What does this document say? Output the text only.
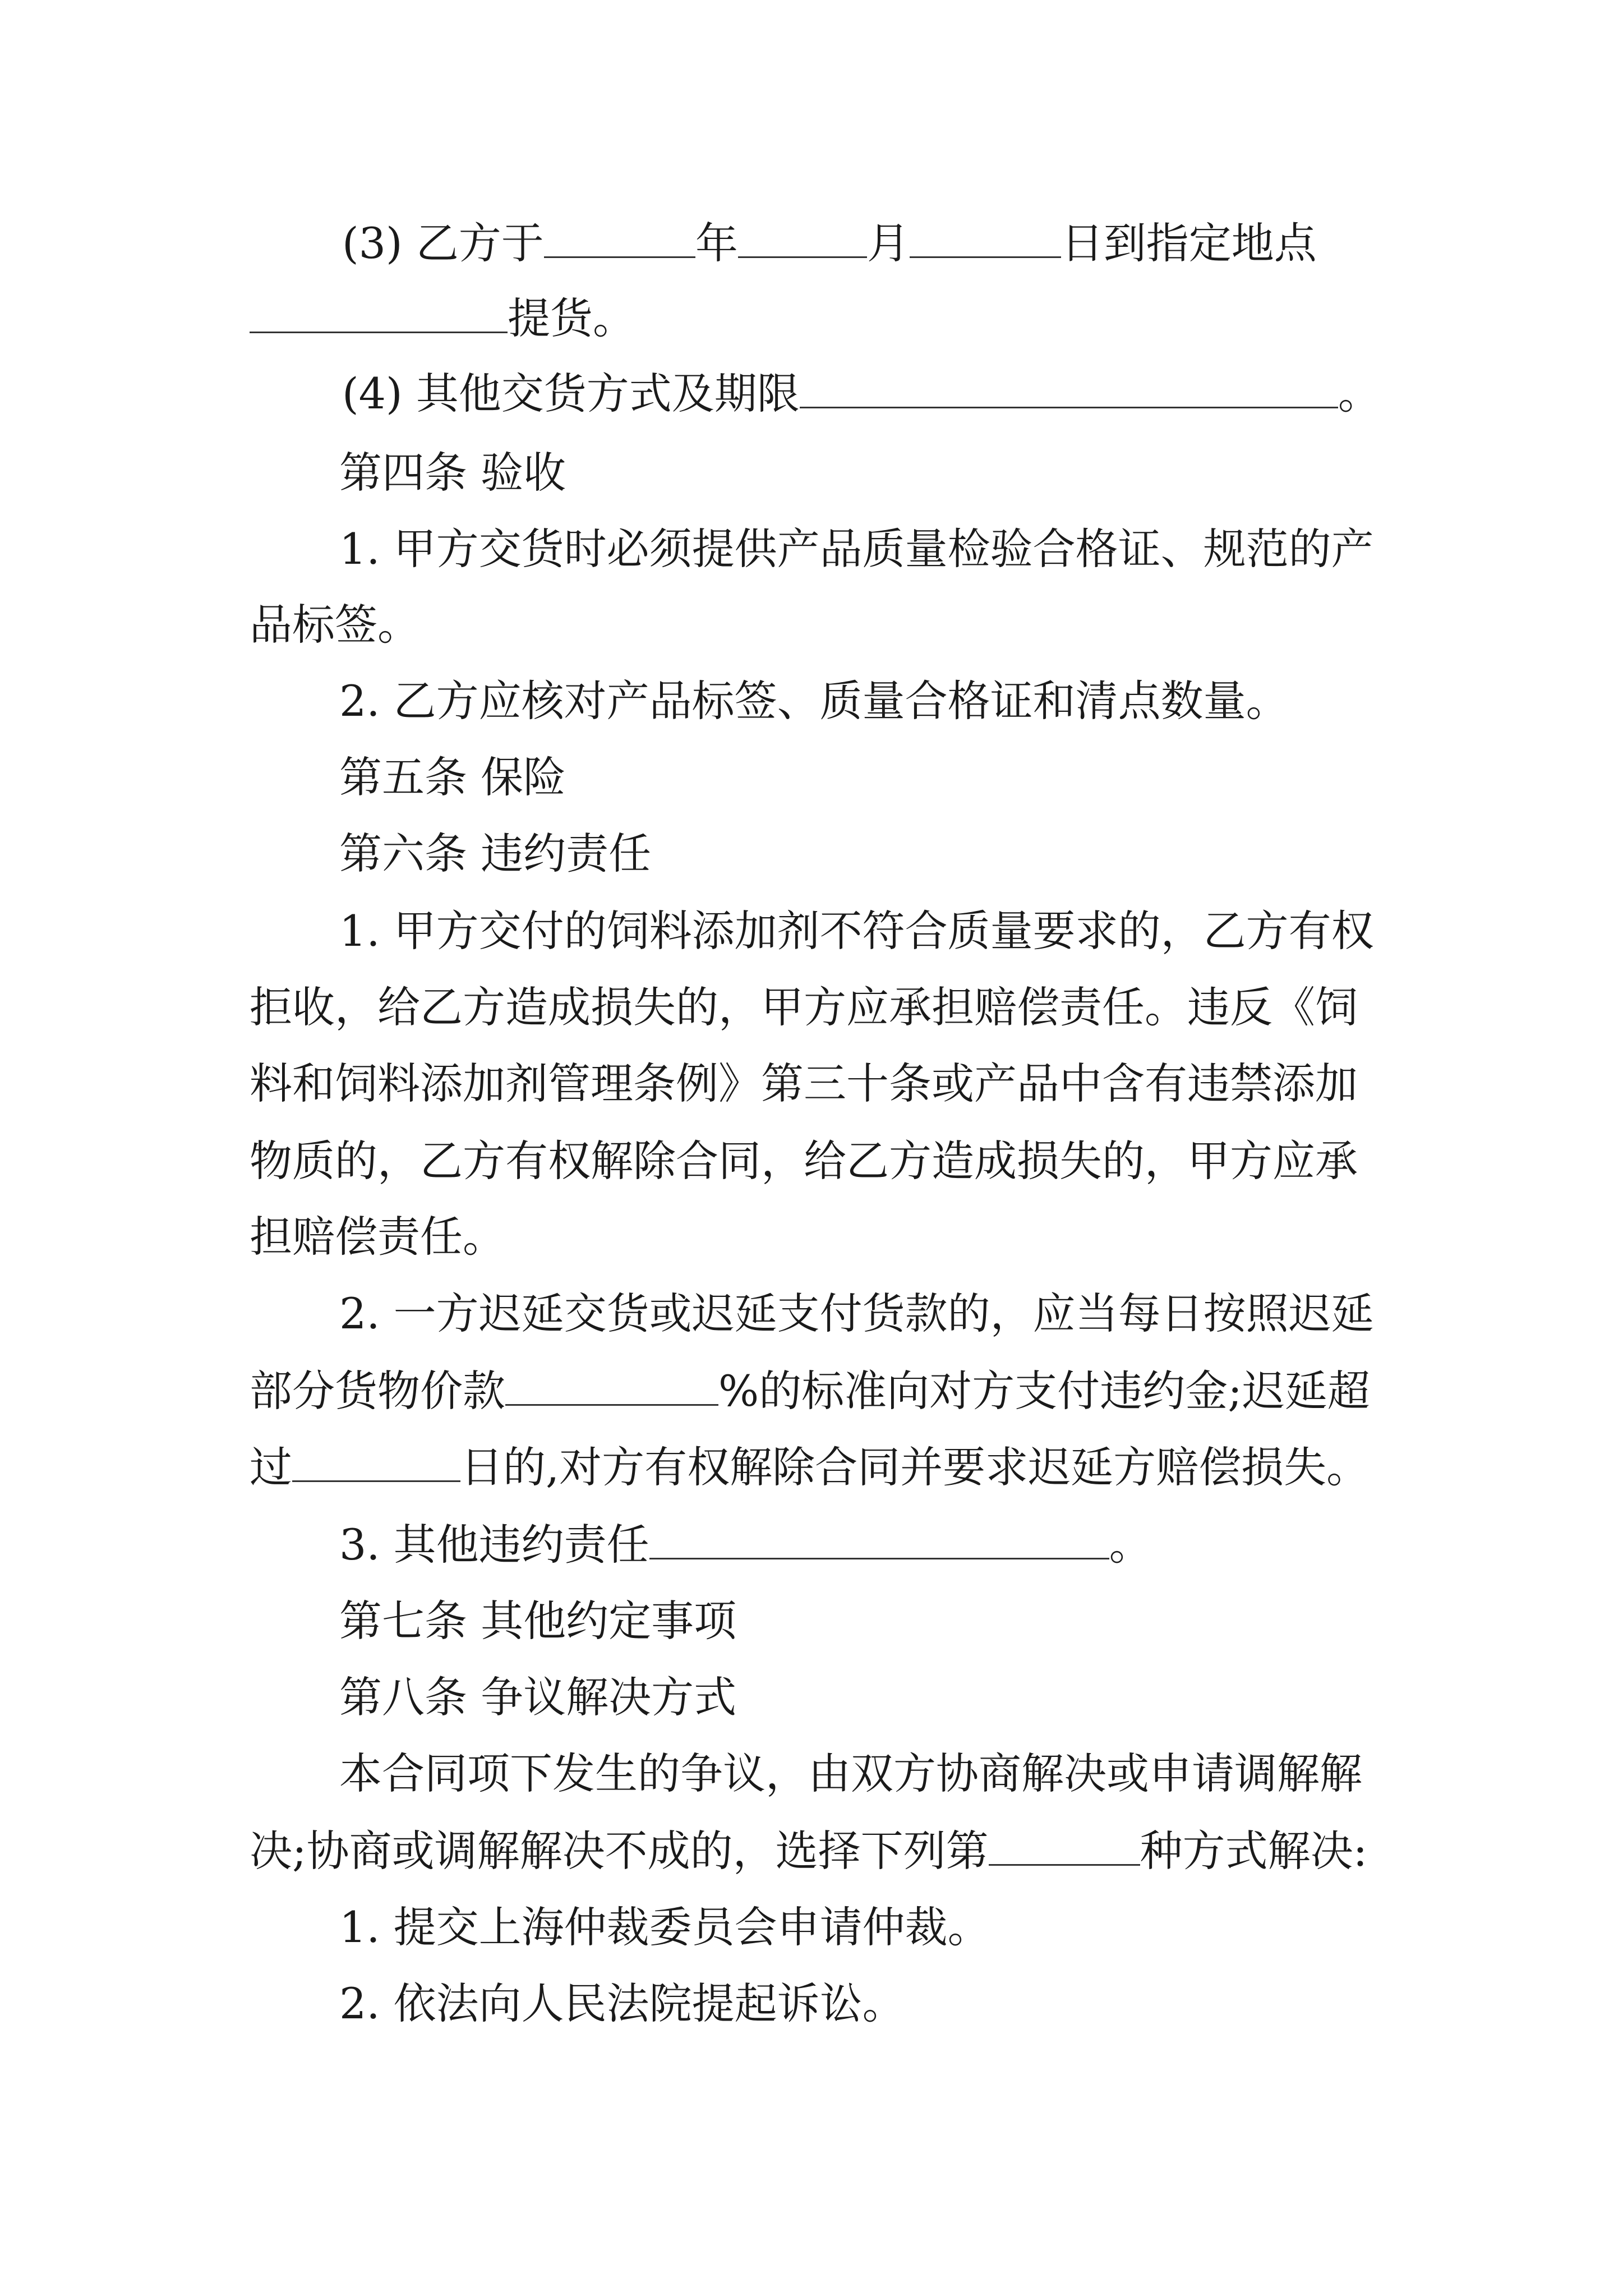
(3) 乙方于	年	月	日到指定地点
提货。
(4) 其他交货方式及期限	。
第四条 验收
1. 甲方交货时必须提供产品质量检验合格证、规范的产
品标签。
2. 乙方应核对产品标签、质量合格证和清点数量。
第五条 保险
第六条 违约责任
1. 甲方交付的饲料添加剂不符合质量要求的，乙方有权
拒收，给乙方造成损失的，甲方应承担赔偿责任。违反《饲
料和饲料添加剂管理条例》第三十条或产品中含有违禁添加
物质的，乙方有权解除合同，给乙方造成损失的，甲方应承
担赔偿责任。
2. 一方迟延交货或迟延支付货款的，应当每日按照迟延
部分货物价款	%的标准向对方支付违约金;迟延超
过	日的,对方有权解除合同并要求迟延方赔偿损失。
3. 其他违约责任	。
第七条 其他约定事项
第八条 争议解决方式
本合同项下发生的争议，由双方协商解决或申请调解解
决;协商或调解解决不成的，选择下列第	种方式解决:
1. 提交上海仲裁委员会申请仲裁。
2. 依法向人民法院提起诉讼。
